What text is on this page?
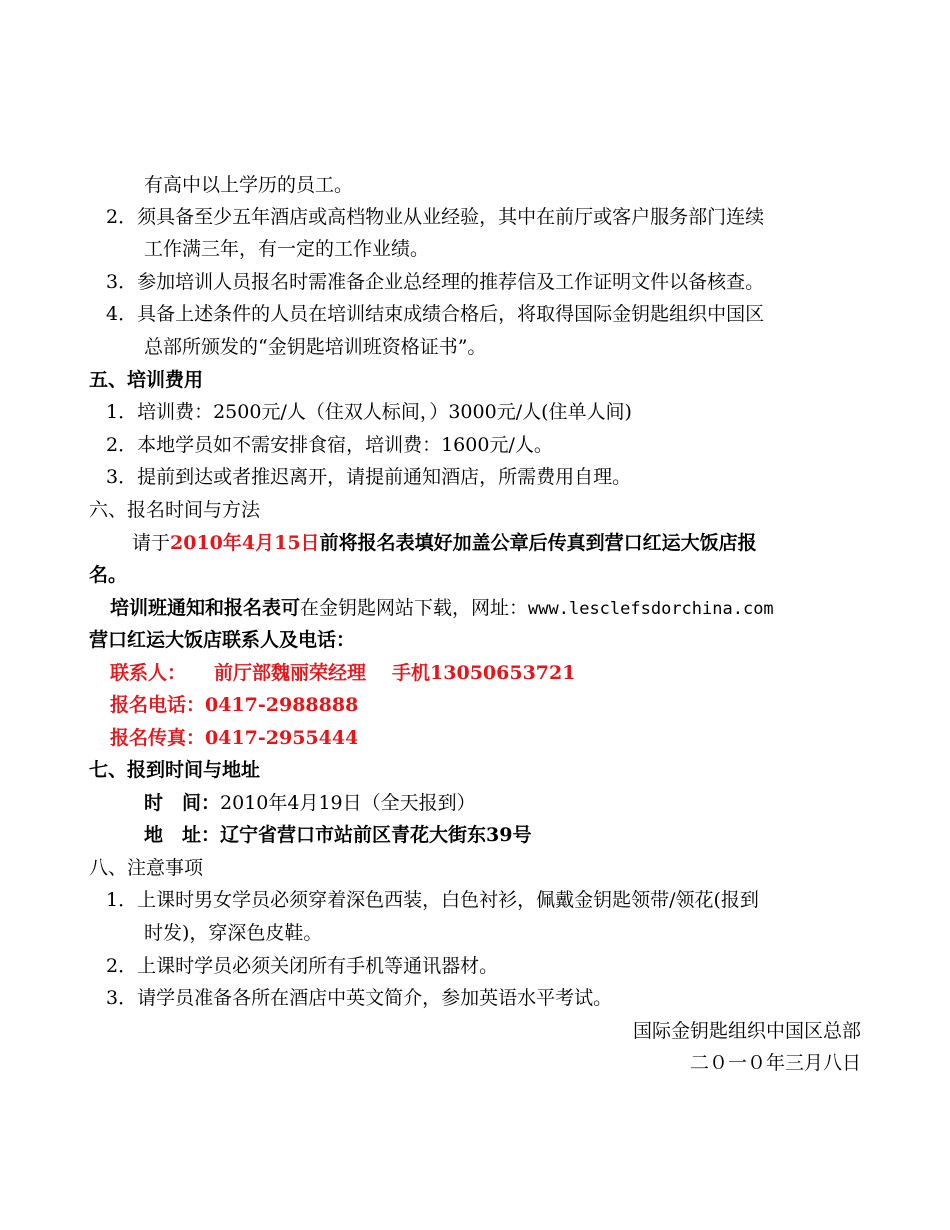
有高中以上学历的员工。
2．须具备至少五年酒店或高档物业从业经验，其中在前厅或客户服务部门连续
工作满三年，有一定的工作业绩。
3．参加培训人员报名时需准备企业总经理的推荐信及工作证明文件以备核查。
4．具备上述条件的人员在培训结束成绩合格后，将取得国际金钥匙组织中国区
总部所颁发的“金钥匙培训班资格证书”。
五、培训费用
1．培训费：2500元/人（住双人标间，）3000元/人(住单人间)
2．本地学员如不需安排食宿，培训费：1600元/人。
3．提前到达或者推迟离开，请提前通知酒店，所需费用自理。
六、报名时间与方法
请于2010年4月15日前将报名表填好加盖公章后传真到营口红运大饭店报
名。
培训班通知和报名表可在金钥匙网站下载，网址：www.lesclefsdorchina.com
营口红运大饭店联系人及电话：
联系人： 前厅部魏丽荣经理 手机13050653721
报名电话：0417-2988888
报名传真：0417-2955444
七、报到时间与地址
时　间：2010年4月19日（全天报到）
地　址：辽宁省营口市站前区青花大街东39号
八、注意事项
1．上课时男女学员必须穿着深色西装，白色衬衫，佩戴金钥匙领带/领花(报到
时发)，穿深色皮鞋。
2．上课时学员必须关闭所有手机等通讯器材。
3．请学员准备各所在酒店中英文简介，参加英语水平考试。
国际金钥匙组织中国区总部
二０一０年三月八日
